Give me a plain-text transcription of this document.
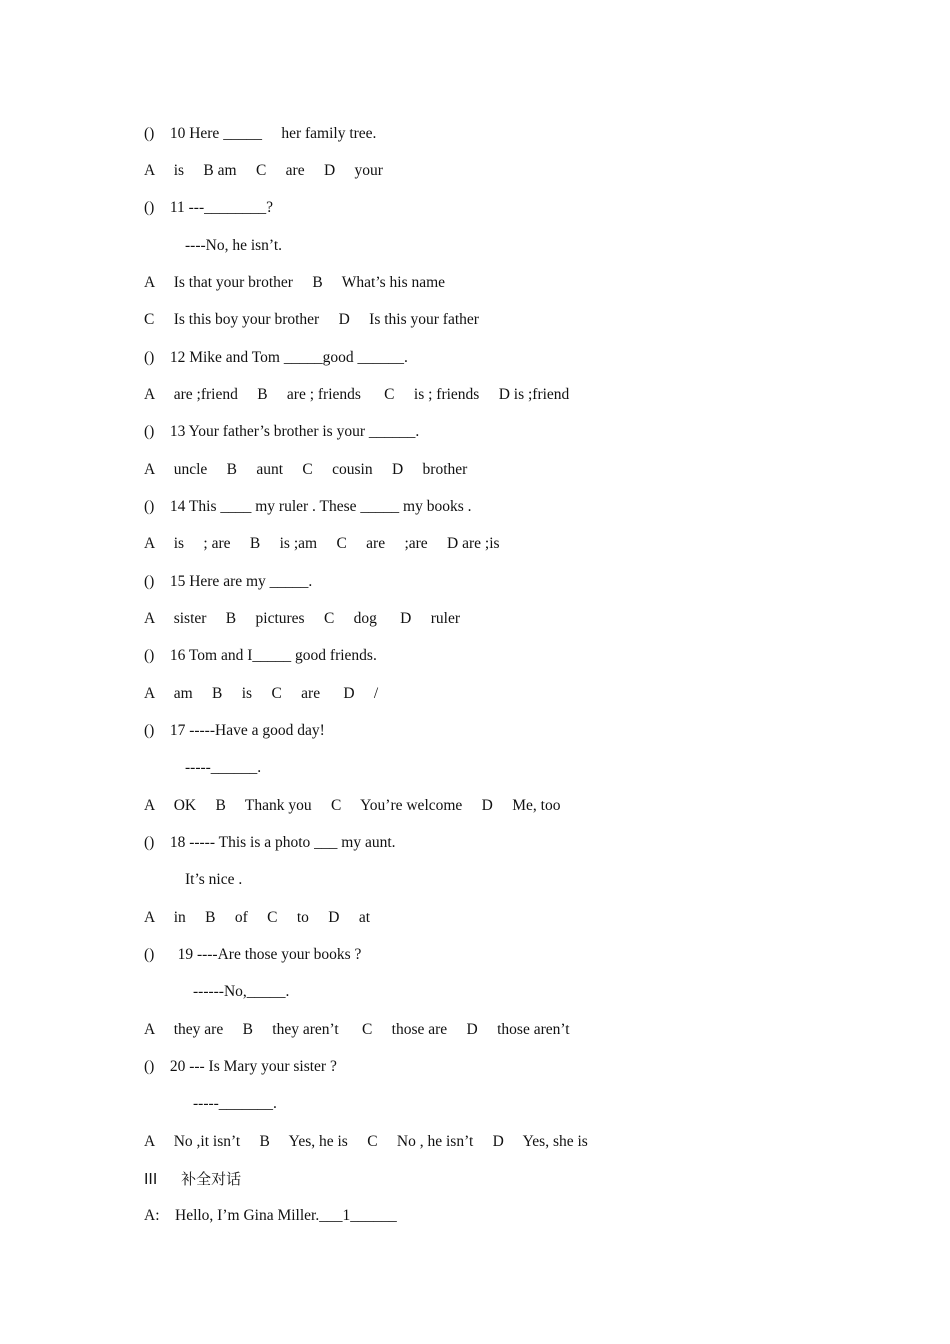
()    10 Here _____     her family tree.
A     is     B am     C     are     D     your
()    11 ---________?
----No, he isn’t.
A     Is that your brother     B     What’s his name
C     Is this boy your brother     D     Is this your father
()    12 Mike and Tom _____good ______.
A     are ;friend     B     are ; friends      C     is ; friends     D is ;friend
()    13 Your father’s brother is your ______.
A     uncle     B     aunt     C     cousin     D     brother
()    14 This ____ my ruler . These _____ my books .
A     is     ; are     B     is ;am     C     are     ;are     D are ;is
()    15 Here are my _____.
A     sister     B     pictures     C     dog      D     ruler
()    16 Tom and I_____ good friends.
A     am     B     is     C     are      D     /
()    17 -----Have a good day!
-----______.
A     OK     B     Thank you     C     You’re welcome     D     Me, too
()    18 ----- This is a photo ___ my aunt.
It’s nice .
A     in     B     of     C     to     D     at
()      19 ----Are those your books ?
------No,_____.
A     they are     B     they aren’t      C     those are     D     those aren’t
()    20 --- Is Mary your sister ?
-----_______.
A     No ,it isn’t     B     Yes, he is     C     No , he isn’t     D     Yes, she is
III     补全对话
A:    Hello, I’m Gina Miller.___1______
